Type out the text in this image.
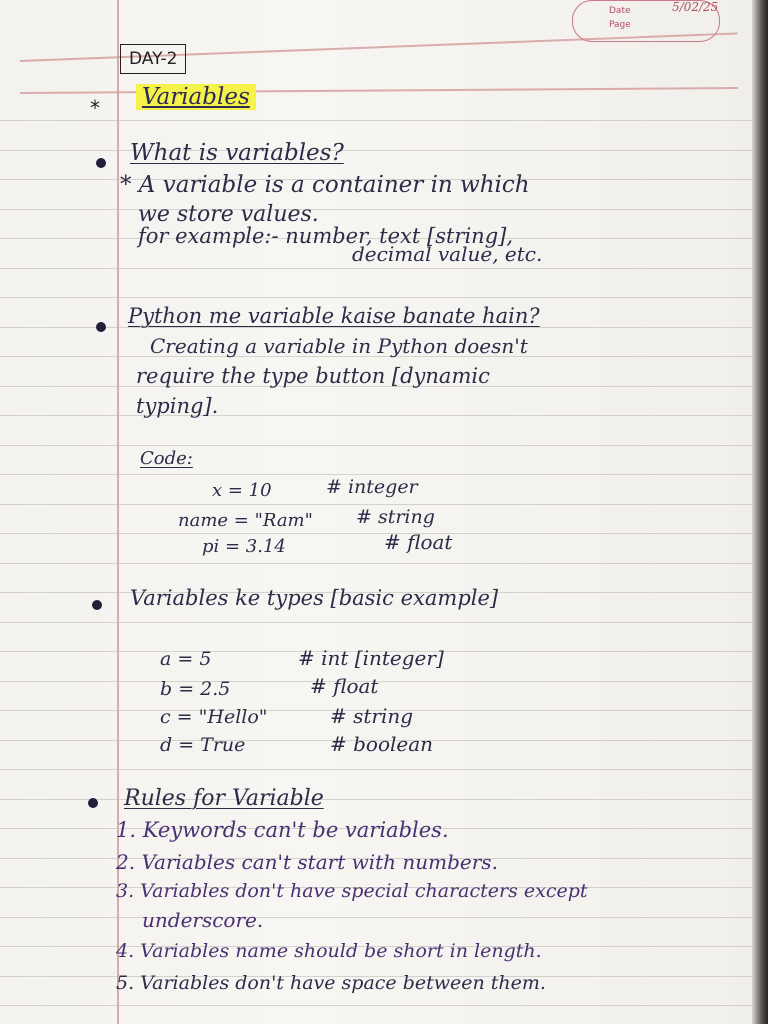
Date
Page
5/02/25
DAY-2
* Variables
What is variables?
* A variable is a container in which
we store values.
for example:- number, text [string],
decimal value, etc.
Python me variable kaise banate hain?
Creating a variable in Python doesn't
require the type button [dynamic
typing].
Code:
x = 10	# integer
name = "Ram" # string
pi = 3.14	# float
Variables ke types [basic example]
a = 5	# int [integer]
b = 2.5	# float
c = "Hello"	# string
d = True	# boolean
Rules for Variable
1. Keywords can't be variables.
2. Variables can't start with numbers.
3. Variables don't have special characters except
underscore.
4. Variables name should be short in length.
5. Variables don't have space between them.
